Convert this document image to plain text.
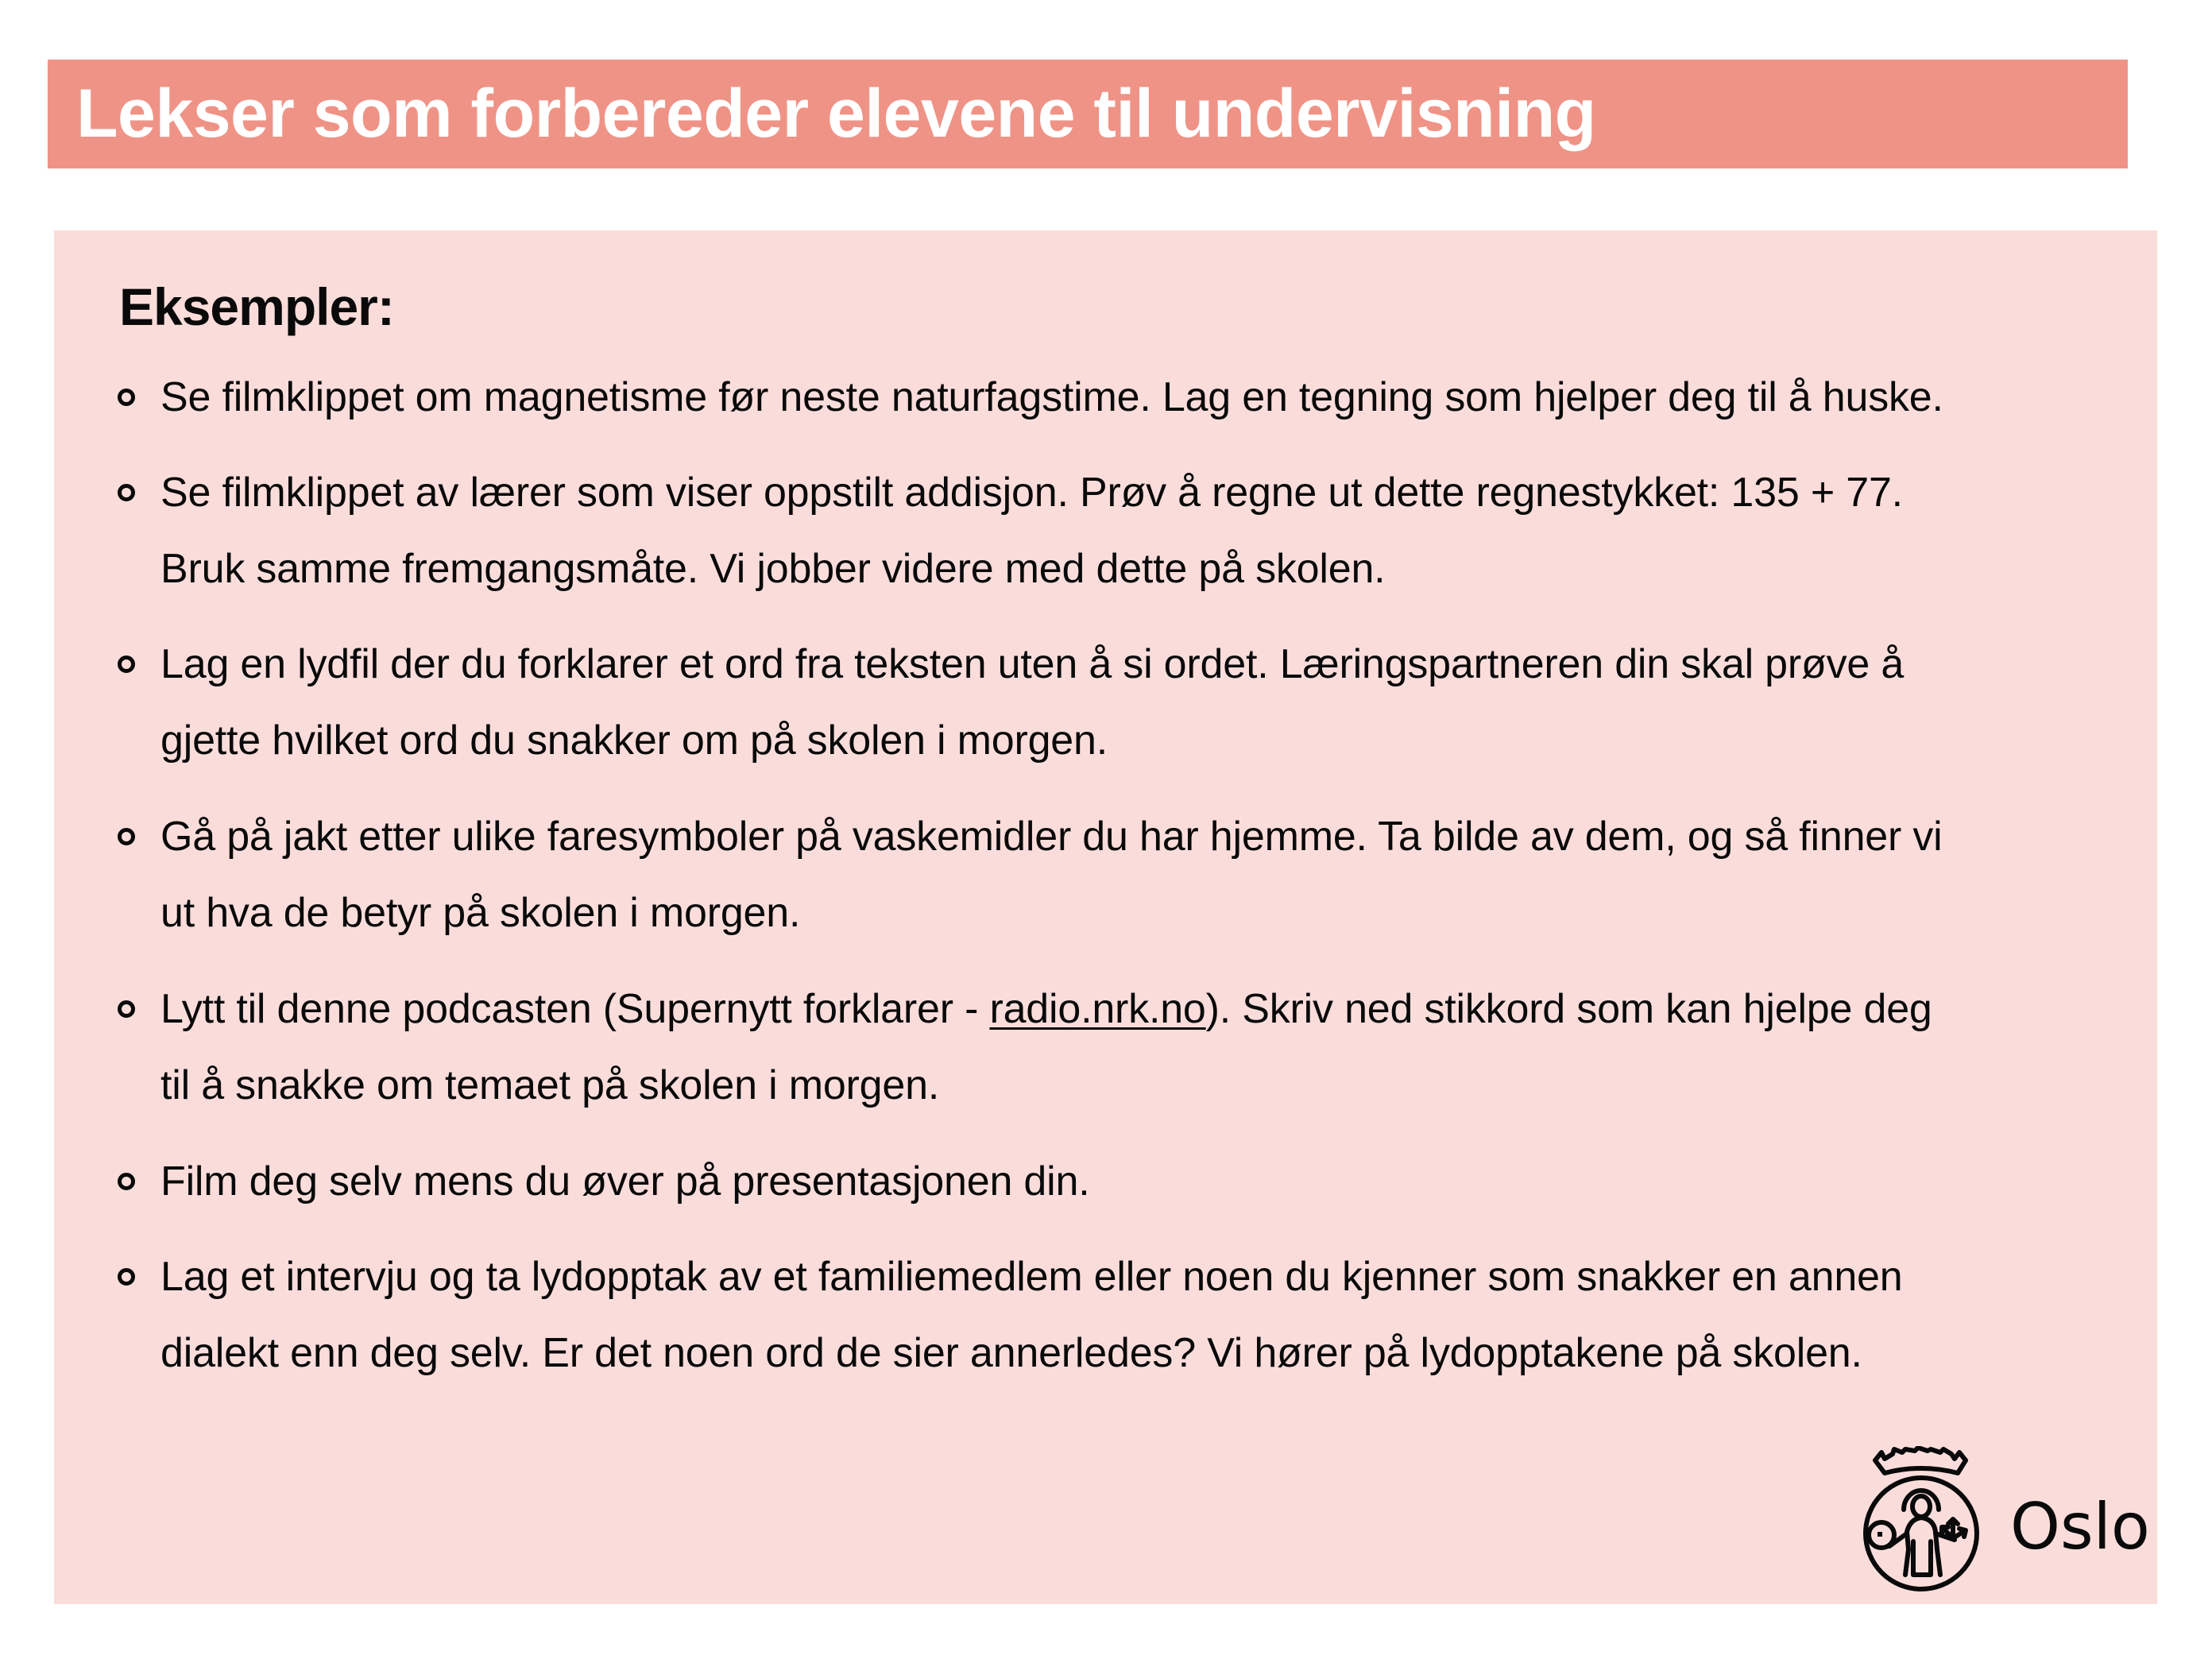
Lekser som forbereder elevene til undervisning
Eksempler:
Se filmklippet om magnetisme før neste naturfagstime. Lag en tegning som hjelper deg til å huske.
Se filmklippet av lærer som viser oppstilt addisjon. Prøv å regne ut dette regnestykket: 135 + 77.
Bruk samme fremgangsmåte. Vi jobber videre med dette på skolen.
Lag en lydfil der du forklarer et ord fra teksten uten å si ordet. Læringspartneren din skal prøve å
gjette hvilket ord du snakker om på skolen i morgen.
Gå på jakt etter ulike faresymboler på vaskemidler du har hjemme. Ta bilde av dem, og så finner vi
ut hva de betyr på skolen i morgen.
Lytt til denne podcasten (Supernytt forklarer - radio.nrk.no). Skriv ned stikkord som kan hjelpe deg
til å snakke om temaet på skolen i morgen.
Film deg selv mens du øver på presentasjonen din.
Lag et intervju og ta lydopptak av et familiemedlem eller noen du kjenner som snakker en annen
dialekt enn deg selv. Er det noen ord de sier annerledes? Vi hører på lydopptakene på skolen.
Oslo
